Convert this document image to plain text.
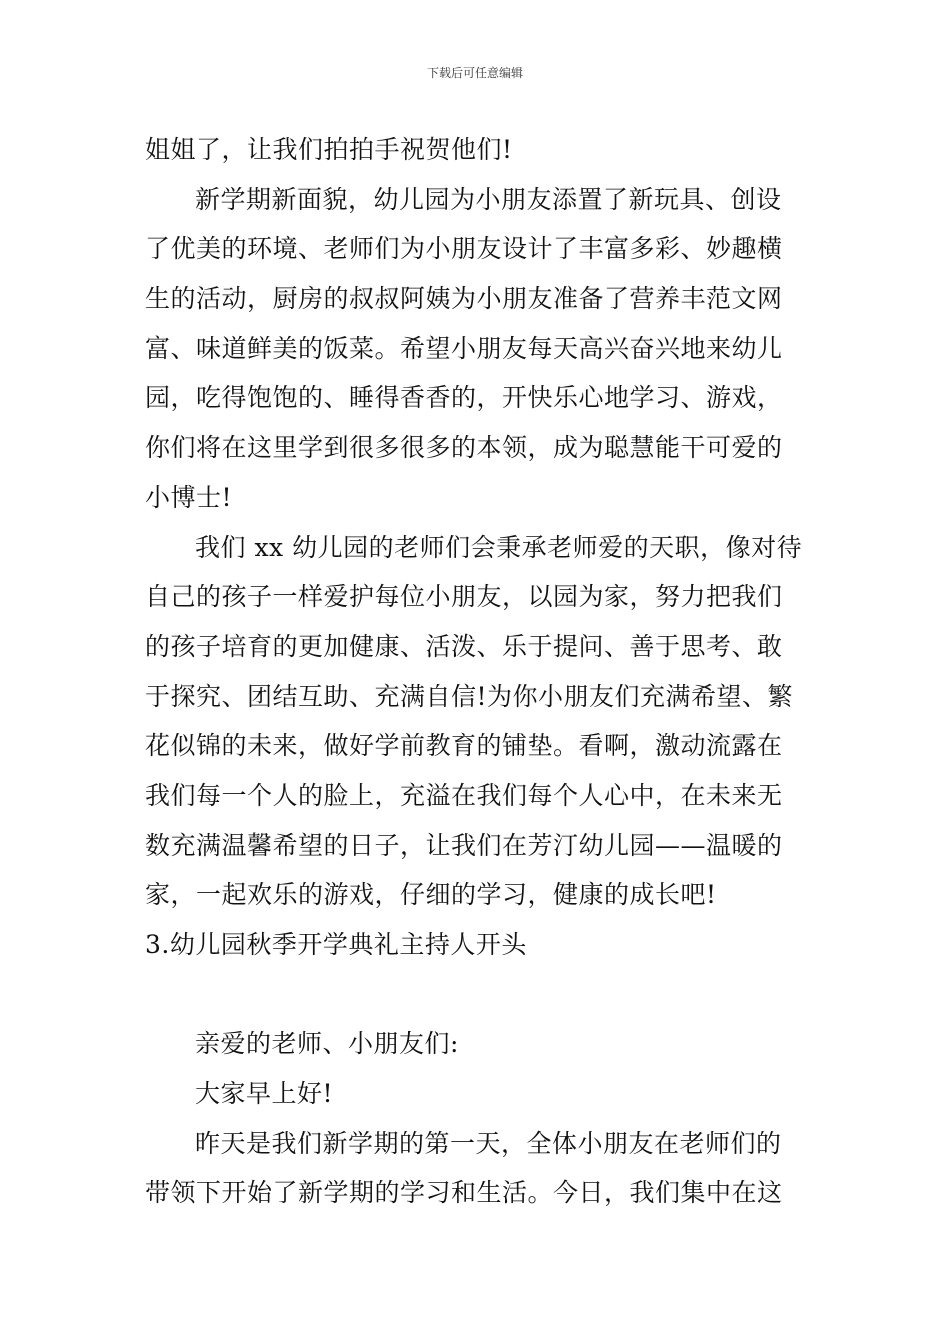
下载后可任意编辑
姐姐了，让我们拍拍手祝贺他们!
新学期新面貌，幼儿园为小朋友添置了新玩具、创设
了优美的环境、老师们为小朋友设计了丰富多彩、妙趣横
生的活动，厨房的叔叔阿姨为小朋友准备了营养丰范文网
富、味道鲜美的饭菜。希望小朋友每天高兴奋兴地来幼儿
园，吃得饱饱的、睡得香香的，开快乐心地学习、游戏，
你们将在这里学到很多很多的本领，成为聪慧能干可爱的
小博士!
我们 xx 幼儿园的老师们会秉承老师爱的天职，像对待
自己的孩子一样爱护每位小朋友，以园为家，努力把我们
的孩子培育的更加健康、活泼、乐于提问、善于思考、敢
于探究、团结互助、充满自信!为你小朋友们充满希望、繁
花似锦的未来，做好学前教育的铺垫。看啊，激动流露在
我们每一个人的脸上，充溢在我们每个人心中，在未来无
数充满温馨希望的日子，让我们在芳汀幼儿园——温暖的
家，一起欢乐的游戏，仔细的学习，健康的成长吧!
3.幼儿园秋季开学典礼主持人开头
亲爱的老师、小朋友们:
大家早上好!
昨天是我们新学期的第一天，全体小朋友在老师们的
带领下开始了新学期的学习和生活。今日，我们集中在这
